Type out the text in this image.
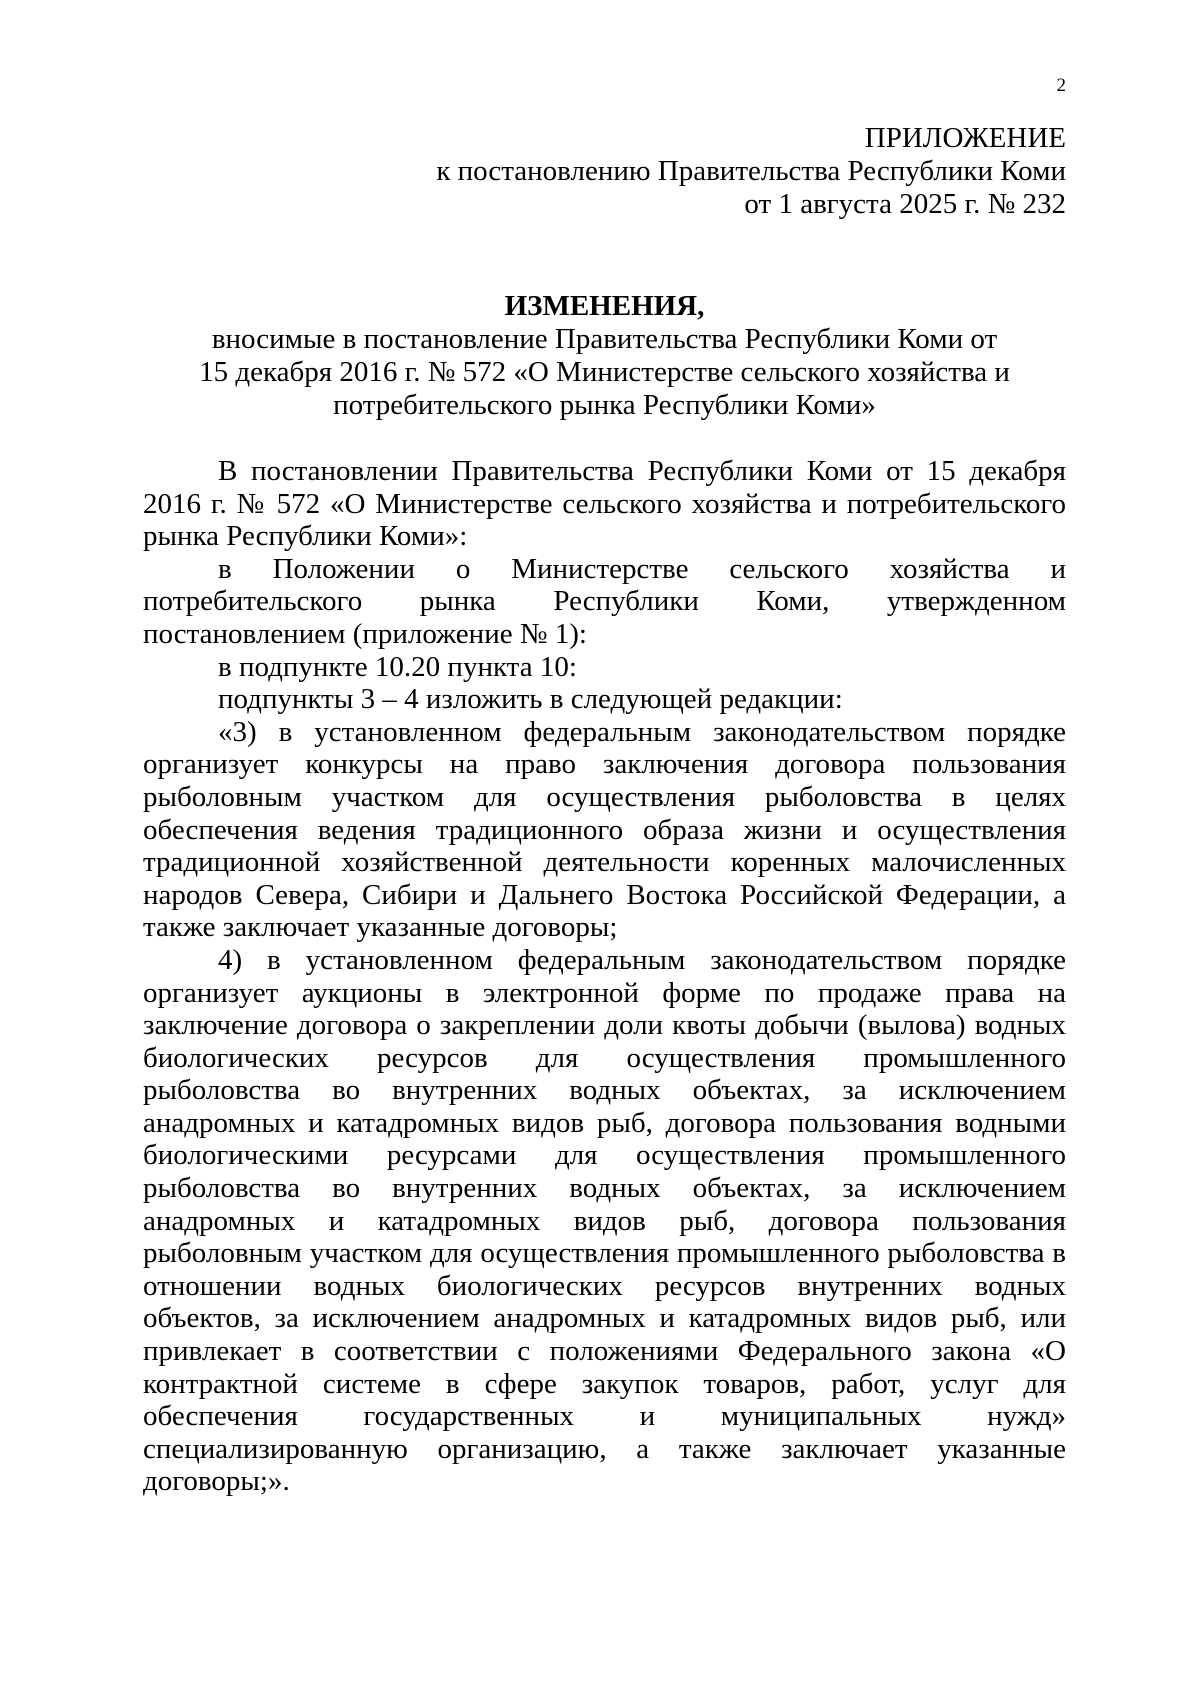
2
ПРИЛОЖЕНИЕ
к постановлению Правительства Республики Коми
от 1 августа 2025 г. № 232
ИЗМЕНЕНИЯ,
вносимые в постановление Правительства Республики Коми от
15 декабря 2016 г. № 572 «О Министерстве сельского хозяйства и
потребительского рынка Республики Коми»

В постановлении Правительства Республики Коми от 15 декабря 2016 г. № 572 «О Министерстве сельского хозяйства и потребительского рынка Республики Коми»:

в Положении о Министерстве сельского хозяйства и потребительского рынка Республики Коми, утвержденном постановлением (приложение № 1):

в подпункте 10.20 пункта 10:

подпункты 3 – 4 изложить в следующей редакции:

«3) в установленном федеральным законодательством порядке организует конкурсы на право заключения договора пользования рыболовным участком для осуществления рыболовства в целях обеспечения ведения традиционного образа жизни и осуществления традиционной хозяйственной деятельности коренных малочисленных народов Севера, Сибири и Дальнего Востока Российской Федерации, а также заключает указанные договоры;

4) в установленном федеральным законодательством порядке организует аукционы в электронной форме по продаже права на заключение договора о закреплении доли квоты добычи (вылова) водных биологических ресурсов для осуществления промышленного рыболовства во внутренних водных объектах, за исключением анадромных и катадромных видов рыб, договора пользования водными биологическими ресурсами для осуществления промышленного рыболовства во внутренних водных объектах, за исключением анадромных и катадромных видов рыб, договора пользования рыболовным участком для осуществления промышленного рыболовства в отношении водных биологических ресурсов внутренних водных объектов, за исключением анадромных и катадромных видов рыб, или привлекает в соответствии с положениями Федерального закона «О контрактной системе в сфере закупок товаров, работ, услуг для обеспечения государственных и муниципальных нужд» специализированную организацию, а также заключает указанные договоры;».
